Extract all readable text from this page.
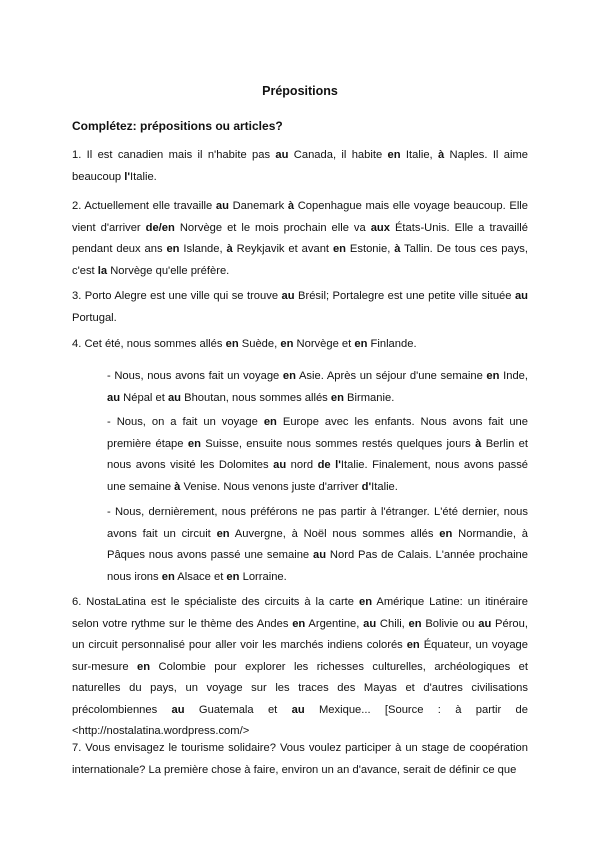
Prépositions
Complétez: prépositions ou articles?

1. Il est canadien mais il n'habite pas au Canada, il habite en Italie, à Naples. Il aime beaucoup l'Italie.

2. Actuellement elle travaille au Danemark à Copenhague mais elle voyage beaucoup. Elle vient d'arriver de/en Norvège et le mois prochain elle va aux États-Unis. Elle a travaillé pendant deux ans en Islande, à Reykjavik et avant en Estonie, à Tallin. De tous ces pays, c'est la Norvège qu'elle préfère.

3. Porto Alegre est une ville qui se trouve au Brésil; Portalegre est une petite ville située au Portugal.

4. Cet été, nous sommes allés en Suède, en Norvège et en Finlande.

- Nous, nous avons fait un voyage en Asie. Après un séjour d'une semaine en Inde, au Népal et au Bhoutan, nous sommes allés en Birmanie.

- Nous, on a fait un voyage en Europe avec les enfants. Nous avons fait une première étape en Suisse, ensuite nous sommes restés quelques jours à Berlin et nous avons visité les Dolomites au nord de l'Italie. Finalement, nous avons passé une semaine à Venise. Nous venons juste d'arriver d'Italie.

- Nous, dernièrement, nous préférons ne pas partir à l'étranger. L'été dernier, nous avons fait un circuit en Auvergne, à Noël nous sommes allés en Normandie, à Pâques nous avons passé une semaine au Nord Pas de Calais. L'année prochaine nous irons en Alsace et en Lorraine.

6. NostaLatina est le spécialiste des circuits à la carte en Amérique Latine: un itinéraire selon votre rythme sur le thème des Andes en Argentine, au Chili, en Bolivie ou au Pérou, un circuit personnalisé pour aller voir les marchés indiens colorés en Équateur, un voyage sur-mesure en Colombie pour explorer les richesses culturelles, archéologiques et naturelles du pays, un voyage sur les traces des Mayas et d'autres civilisations précolombiennes au Guatemala et au Mexique... [Source : à partir de <http://nostalatina.wordpress.com/>

7. Vous envisagez le tourisme solidaire? Vous voulez participer à un stage de coopération internationale? La première chose à faire, environ un an d'avance, serait de définir ce que
